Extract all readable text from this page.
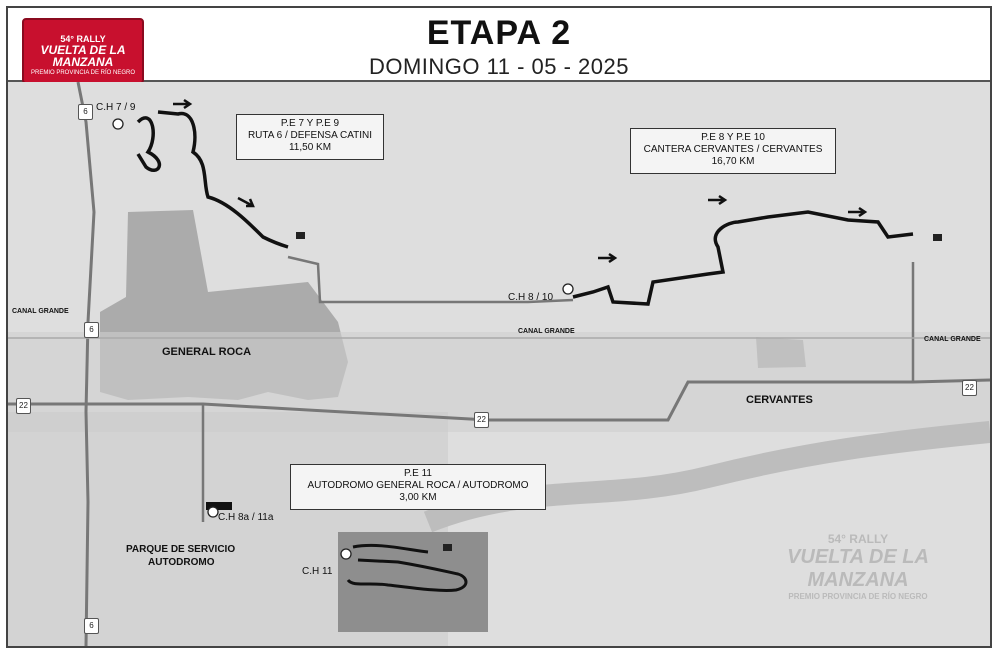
54° RALLY
VUELTA DE LA MANZANA
PREMIO PROVINCIA DE RÍO NEGRO
ETAPA 2
DOMINGO 11 - 05 - 2025
P.E 7 Y P.E 9
RUTA 6 / DEFENSA CATINI
11,50 KM
P.E 8 Y P.E 10
CANTERA CERVANTES / CERVANTES
16,70 KM
P.E 11
AUTODROMO GENERAL ROCA / AUTODROMO
3,00 KM
C.H 7 / 9
C.H 8 / 10
C.H 8a / 11a
C.H 11
PARQUE DE SERVICIO
AUTODROMO
GENERAL ROCA
CERVANTES
CANAL GRANDE
CANAL GRANDE
CANAL GRANDE
6
6
6
22
22
22
54° RALLY
VUELTA DE LA MANZANA
PREMIO PROVINCIA DE RÍO NEGRO
